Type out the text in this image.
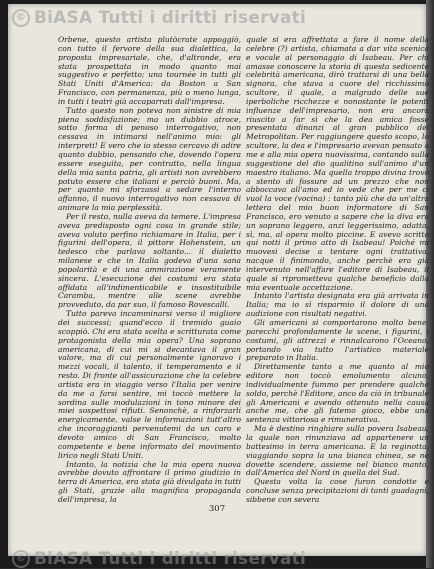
© BiASA Tutti i diritti riservati

Orbene, questo artista plutòcrate appoggiò, con tutto il fervore della sua dialettica, la proposta impresariale, che, d'altronde, era stata prospettata in modo quanto mai suggestivo e perfetto; una tournée in tutti gli Stati Uniti d'America: da Boston a San Francisco, con permanenza, più o meno lunga, in tutti i teatri già accaparrati dall'impresa.

Tutto questo non poteva non sinistre di mia piena soddisfazione; ma un dubbio atroce, sotto forma di penoso interrogativo, non cessava in intimarsi nell'animo mio: gli interpreti! E vero che io stesso cercavo di adire quanto dubbio, pensando che, dovendo l'opera essere eseguita, per contratto, nella lingua della mia santa patria, gli artisti non avrebbero potuto essere che italiani e perciò buoni. Ma, per quanto mi sforzassi a sedare l'interno affanno, il nuovo interrogativo non cessava di animare la mia perplessità.

Per il resto, nulla aveva da temere. L'impresa aveva predisposto ogni cosa in grande stile; aveva voluto perfino richiamare in Italia, per i figurini dell'opera, il pittore Hohenstein, un tedesco che parlava soltanto... il dialetto milanese e che in Italia godeva d'una sana popolarità e di una ammirazione veramente sincera. L'esecuzione dei costumi era stata affidata all'indimenticabile e insostituibile Caramba, mentre alle scene avrebbe provveduto, da par suo, il famoso Rovescalli.

Tutto pareva incamminarsi verso il migliore dei successi; quand'ecco il tremido guaio scoppiò. Chi era stata scelta e scritturata come protagonista della mia opera? Una soprano americana, di cui mi si decantava il gran valore, ma di cui personalmente ignoravo i mezzi vocali, il talento, il temperamento e il resto. Di fronte all'assicurazione che la celebre artista era in viaggio verso l'Italia per venire da me a farsi sentire, mi toccò mettere la sordina sulle modulazioni in tono minore dei miei sospettosi rifiuti. Senonchè, a rinforzarli energicamente, valse le informazioni tutt'altro che incoraggianti pervenutemi da un caro e devoto amico di San Francisco, molto competente e bene informato del movimento lirico negli Stati Uniti.

Intanto, la notizia che la mia opera nuova avrebbe dovuto affrontare il primo giudizio in terra di America, era stata già divulgata in tutti gli Stati, grazie alla magnifica propaganda dell'impresa, la

quale si era affrettata a fare il nome della celebre (?) artista, chiamata a dar vita scenica e vocale al personaggio di Isabeau. Per chi amasse conoscere la storia di questa sedicente celebrità americana, dirò trattarsi di una bella signora, che stava a cuore del ricchissimo scultore, il quale, a malgrado delle sue iperboliche ricchezze e nonostante le potenti influenze dell'impresario, non era ancora riuscito a far sì che la dea amica fosse presentata dinanzi al gran pubblico del Metropolitan. Per raggiungere questo scopo, lo scultore, la dea e l'impresario avevan pensato a me e alla mia opera nuovissima, contando sulla suggestione del dio qualitino sull'animo d'un maestro italiano. Ma quella troppo divina trovò a stento di fossure ad un prezzo che non abboccava all'amo ed io vede che per me ci vuol la voce (vocina) : tanto più che da un'altra lettera del mio buon informatore di San Francisco, ero venuto a sapere che la diva era un soprano leggero, anzi leggerissimo, adatta, sì, ma, al opera molto piccine. E avevo scritto qui notti il primo atto di Isabeau! Poiché mi muovesi decise a tentare ogni trattativa, nacque il finimondo, anche perchè era già intervenuto nell'affare l'editore di Isabeau, il quale si riprometteva qualche beneficio dalla mia eventuale accettazione.

Intanto l'artista designata era già arrivata in Italia; ma io sì risparmio il dolore di una audizione con risultati negativi.

Gli americani si comportarono molto bene: parecchi profondamente le scene, i figurini, i costumi, gli attrezzi e rinnalcarono l'Oceano, portando via tutto l'artistico materiale preparato in Italia.

Direttamente tanto a me quanto al mio editore non toccò emolumento alcuno, individualmente fummo per prendere qualche soldo, perchè l'Editore, anco da ciò in tribunale gli Americani e avendo ottenuto nella causa anche me, che gli fatemo gioco, ebbe una sentenza vittoriosa e rimunerativa.

Ma è destino ringhiare sulla povera Isabeau, la quale non rinunziava ad appartenere un battesimo in terra americana. E la reginotta, viaggiando sopra la una bianca chinea, se ne dovette scendere, assieme nel bianco manto, dall'America del Nord in quella del Sud.

Questa volta la cose furon condotte e concluse senza precipitazioni di tanti guadagni, sibbene con severa

307
© BiASA Tutti i diritti riservati
